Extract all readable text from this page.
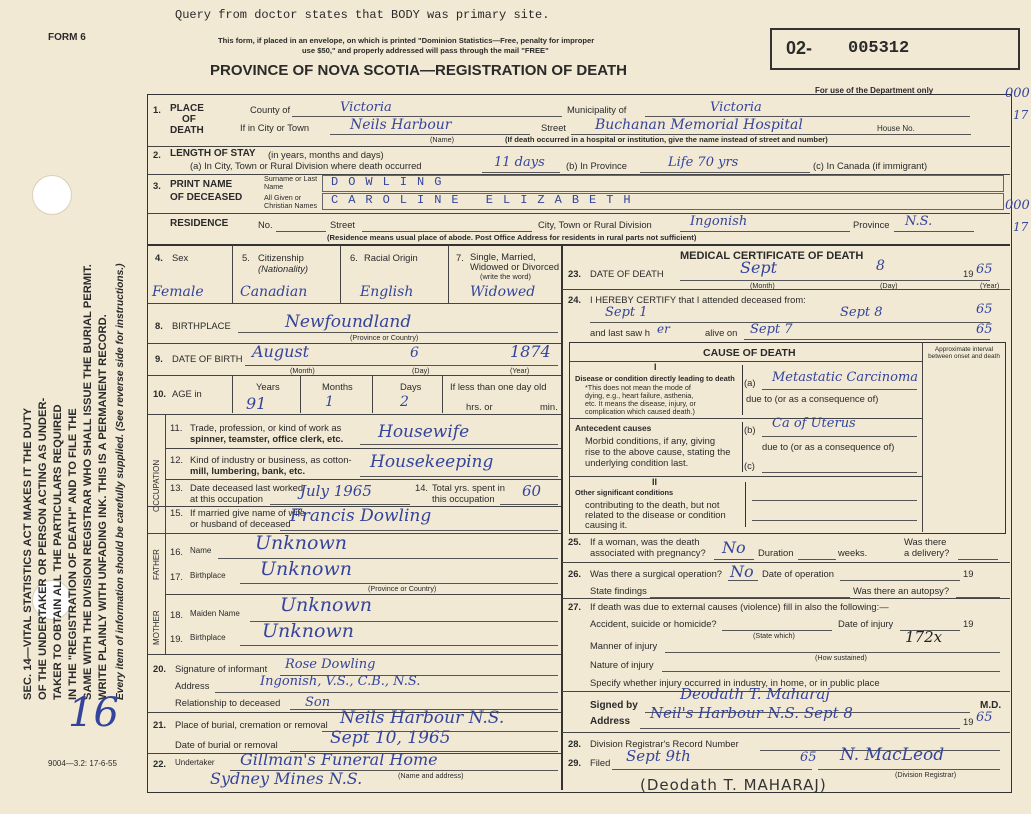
FORM 6
SEC. 14—VITAL STATISTICS ACT MAKES IT THE DUTY OF THE UNDERTAKER OR PERSON ACTING AS UNDER- TAKER TO OBTAIN ALL THE PARTICULARS REQUIRED IN THE "REGISTRATION OF DEATH" AND TO FILE THE SAME WITH THE DIVISION REGISTRAR WHO SHALL ISSUE THE BURIAL PERMIT. WRITE PLAINLY WITH UNFADING INK. THIS IS A PERMANENT RECORD. Every item of information should be carefully supplied. (See reverse side for instructions.)
16
9004—3.2: 17-6-55
Query from doctor states that BODY was primary site.
This form, if placed in an envelope, on which is printed "Dominion Statistics—Free, penalty for improper
use $50," and properly addressed will pass through the mail "FREE"
PROVINCE OF NOVA SCOTIA—REGISTRATION OF DEATH
02- 005312
For use of the Department only
1. PLACE
OF
DEATH
County of	Victoria	Municipality of	Victoria
000
17
If in City or Town	Neils Harbour
(Name)
Street Buchanan Memorial Hospital	House No.
(If death occurred in a hospital or institution, give the name instead of street and number)
2. LENGTH OF STAY (in years, months and days)
(a) In City, Town or Rural Division where death occurred	11 days (b) In Province	Life 70 yrs	(c) In Canada (if immigrant)
3. PRINT NAME
OF DECEASED
Surname or Last Name	DOWLING
All Given or Christian Names	CAROLINE ELIZABETH
RESIDENCE	No.	Street	City, Town or Rural Division	Ingonish	Province N.S.
000
17
(Residence means usual place of abode. Post Office Address for residents in rural parts not sufficient)
4. Sex	5. Citizenship
(Nationality)
6. Racial Origin	7. Single, Married,
Widowed or Divorced
(write the word)
Female	Canadian	English	Widowed
8. BIRTHPLACE	Newfoundland
(Province or Country)
9. DATE OF BIRTH August	6	1874
(Month)	(Day)	(Year)
10. AGE in
Years	Months	Days
91	1	2
If less than one day old
hrs. or	min.
OCCUPATION
11. Trade, profession, or kind of work as
spinner, teamster, office clerk, etc. Housewife
12. Kind of industry or business, as cotton-
mill, lumbering, bank, etc.	Housekeeping
13. Date deceased last worked
at this occupation July 1965	14. Total yrs. spent in
this occupation 60
15. If married give name of wife
or husband of deceased Francis Dowling
FATHER
MOTHER
16. Name Unknown
17. Birthplace Unknown
(Province or Country)
18. Maiden Name Unknown
19. Birthplace Unknown
20. Signature of informant Rose Dowling
Address	Ingonish, V.S., C.B., N.S.
Relationship to deceased Son
21. Place of burial, cremation or removal Neils Harbour N.S.
Date of burial or removal	Sept 10, 1965
22. Undertaker Gillman's Funeral Home
(Name and address)
Sydney Mines N.S.
MEDICAL CERTIFICATE OF DEATH
23. DATE OF DEATH	Sept	8	19 65
(Month)	(Day)	(Year)
24. I HEREBY CERTIFY that I attended deceased from:
Sept 1	Sept 8	65
and last saw h er	alive on Sept 7	65
CAUSE OF DEATH	Approximate interval between onset and death
I
Disease or condition directly leading to death
*This does not mean the mode of
dying, e.g., heart failure, asthenia,
etc. It means the disease, injury, or
complication which caused death.)
(a) Metastatic Carcinoma
due to (or as a consequence of)
Antecedent causes
Morbid conditions, if any, giving
rise to the above cause, stating the
underlying condition last.
(b) Ca of Uterus
due to (or as a consequence of)
(c)
II
Other significant conditions
contributing to the death, but not
related to the disease or condition
causing it.
25. If a woman, was the death
associated with pregnancy? No Duration	weeks.
Was there
a delivery?
26. Was there a surgical operation? No Date of operation	19
State findings	Was there an autopsy?
27. If death was due to external causes (violence) fill in also the following:—
Accident, suicide or homicide?
(State which)
Date of injury	19
Manner of injury	172x
(How sustained)
Nature of injury
Specify whether injury occurred in industry, in home, or in public place
Signed by
Deodath T. Maharaj
M.D.
Address Neil's Harbour N.S. Sept 8	19 65
28. Division Registrar's Record Number
29. Filed Sept 9th	65 N. MacLeod
(Division Registrar)
(Deodath T. MAHARAJ)
